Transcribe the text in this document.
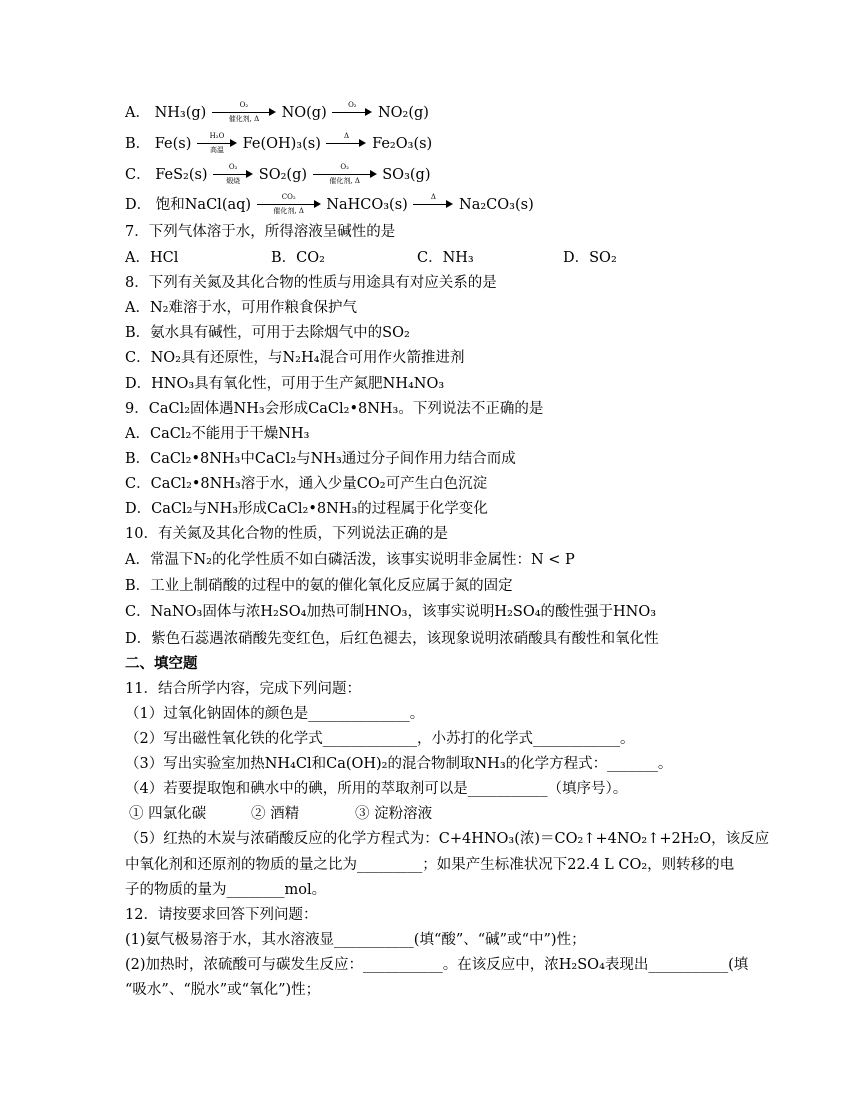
A． NH₃(g)	O₂
催化剂, Δ	NO(g)	O₂	NO₂(g)
B． Fe(s)	H₂O
高温	Fe(OH)₃(s)	Δ	Fe₂O₃(s)
C． FeS₂(s)	O₂
煅烧	SO₂(g)	O₂
催化剂, Δ	SO₃(g)
D． 饱和NaCl(aq)	CO₂
催化剂, Δ	NaHCO₃(s)	Δ	Na₂CO₃(s)
7．下列气体溶于水，所得溶液呈碱性的是
A．HCl	B．CO₂	C．NH₃	D．SO₂
8．下列有关氮及其化合物的性质与用途具有对应关系的是
A．N₂难溶于水，可用作粮食保护气
B．氨水具有碱性，可用于去除烟气中的SO₂
C．NO₂具有还原性，与N₂H₄混合可用作火箭推进剂
D．HNO₃具有氧化性，可用于生产氮肥NH₄NO₃
9．CaCl₂固体遇NH₃会形成CaCl₂•8NH₃。下列说法不正确的是
A．CaCl₂不能用于干燥NH₃
B．CaCl₂•8NH₃中CaCl₂与NH₃通过分子间作用力结合而成
C．CaCl₂•8NH₃溶于水，通入少量CO₂可产生白色沉淀
D．CaCl₂与NH₃形成CaCl₂•8NH₃的过程属于化学变化
10．有关氮及其化合物的性质，下列说法正确的是
A．常温下N₂的化学性质不如白磷活泼，该事实说明非金属性：N < P
B．工业上制硝酸的过程中的氨的催化氧化反应属于氮的固定
C．NaNO₃固体与浓H₂SO₄加热可制HNO₃，该事实说明H₂SO₄的酸性强于HNO₃
D．紫色石蕊遇浓硝酸先变红色，后红色褪去，该现象说明浓硝酸具有酸性和氧化性
二、填空题
11．结合所学内容，完成下列问题：
（1）过氧化钠固体的颜色是______________。
（2）写出磁性氧化铁的化学式_____________，小苏打的化学式____________。
（3）写出实验室加热NH₄Cl和Ca(OH)₂的混合物制取NH₃的化学方程式：_______。
（4）若要提取饱和碘水中的碘，所用的萃取剂可以是___________（填序号）。
① 四氯化碳	② 酒精	③ 淀粉溶液
（5）红热的木炭与浓硝酸反应的化学方程式为：C+4HNO₃(浓)＝CO₂↑+4NO₂↑+2H₂O，该反应
中氧化剂和还原剂的物质的量之比为_________；如果产生标准状况下22.4 L CO₂，则转移的电
子的物质的量为________mol。
12．请按要求回答下列问题：
(1)氨气极易溶于水，其水溶液显___________(填“酸”、“碱”或“中”)性；
(2)加热时，浓硫酸可与碳发生反应：___________。在该反应中，浓H₂SO₄表现出___________(填
“吸水”、“脱水”或“氧化”)性；
